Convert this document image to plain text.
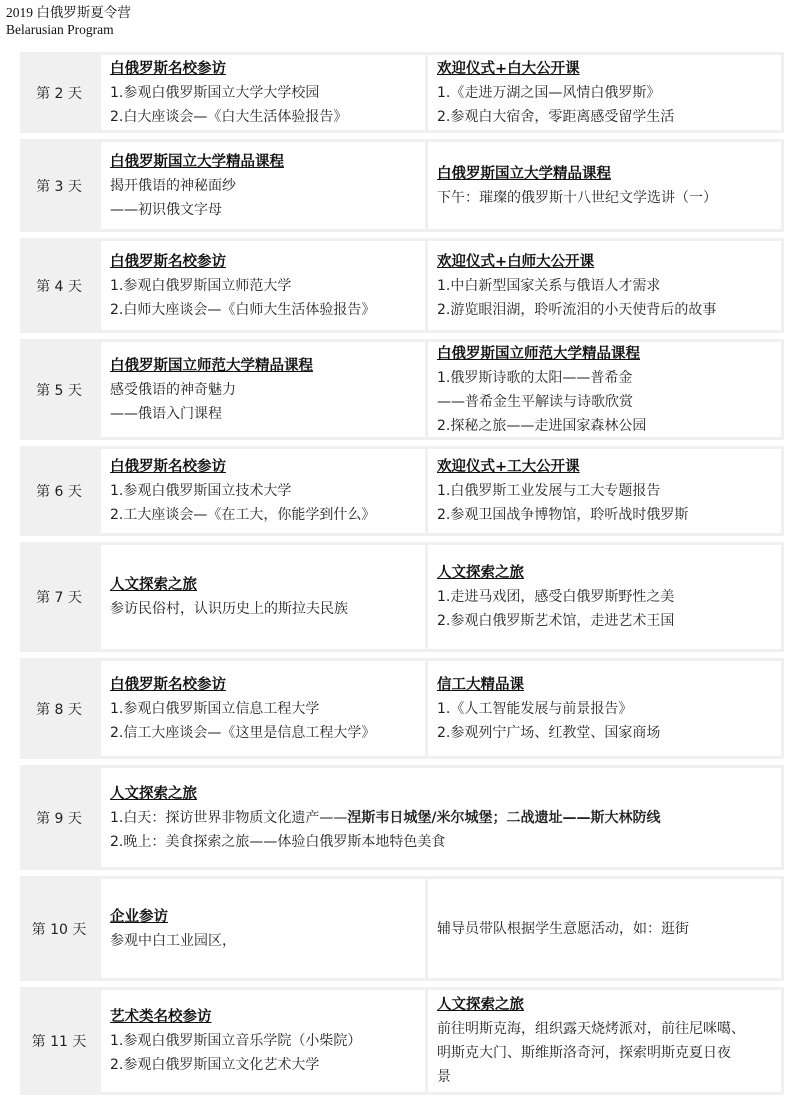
2019 白俄罗斯夏令营
Belarusian Program
第 2 天
白俄罗斯名校参访
1.参观白俄罗斯国立大学大学校园
2.白大座谈会—《白大生活体验报告》
欢迎仪式+白大公开课
1.《走进万湖之国—风情白俄罗斯》
2.参观白大宿舍，零距离感受留学生活
第 3 天
白俄罗斯国立大学精品课程
揭开俄语的神秘面纱
——初识俄文字母
白俄罗斯国立大学精品课程
下午：璀璨的俄罗斯十八世纪文学选讲（一）
第 4 天
白俄罗斯名校参访
1.参观白俄罗斯国立师范大学
2.白师大座谈会—《白师大生活体验报告》
欢迎仪式+白师大公开课
1.中白新型国家关系与俄语人才需求
2.游览眼泪湖，聆听流泪的小天使背后的故事
第 5 天
白俄罗斯国立师范大学精品课程
感受俄语的神奇魅力
——俄语入门课程
白俄罗斯国立师范大学精品课程
1.俄罗斯诗歌的太阳——普希金
——普希金生平解读与诗歌欣赏
2.探秘之旅——走进国家森林公园
第 6 天
白俄罗斯名校参访
1.参观白俄罗斯国立技术大学
2.工大座谈会—《在工大，你能学到什么》
欢迎仪式+工大公开课
1.白俄罗斯工业发展与工大专题报告
2.参观卫国战争博物馆，聆听战时俄罗斯
第 7 天
人文探索之旅
参访民俗村，认识历史上的斯拉夫民族
人文探索之旅
1.走进马戏团，感受白俄罗斯野性之美
2.参观白俄罗斯艺术馆，走进艺术王国
第 8 天
白俄罗斯名校参访
1.参观白俄罗斯国立信息工程大学
2.信工大座谈会—《这里是信息工程大学》
信工大精品课
1.《人工智能发展与前景报告》
2.参观列宁广场、红教堂、国家商场
第 9 天
人文探索之旅
1.白天：探访世界非物质文化遗产——涅斯韦日城堡/米尔城堡；二战遗址——斯大林防线
2.晚上：美食探索之旅——体验白俄罗斯本地特色美食
第 10 天
企业参访
参观中白工业园区，
辅导员带队根据学生意愿活动，如：逛街
第 11 天
艺术类名校参访
1.参观白俄罗斯国立音乐学院（小柴院）
2.参观白俄罗斯国立文化艺术大学
人文探索之旅
前往明斯克海，组织露天烧烤派对，前往尼咪噶、
明斯克大门、斯维斯洛奇河，探索明斯克夏日夜
景
